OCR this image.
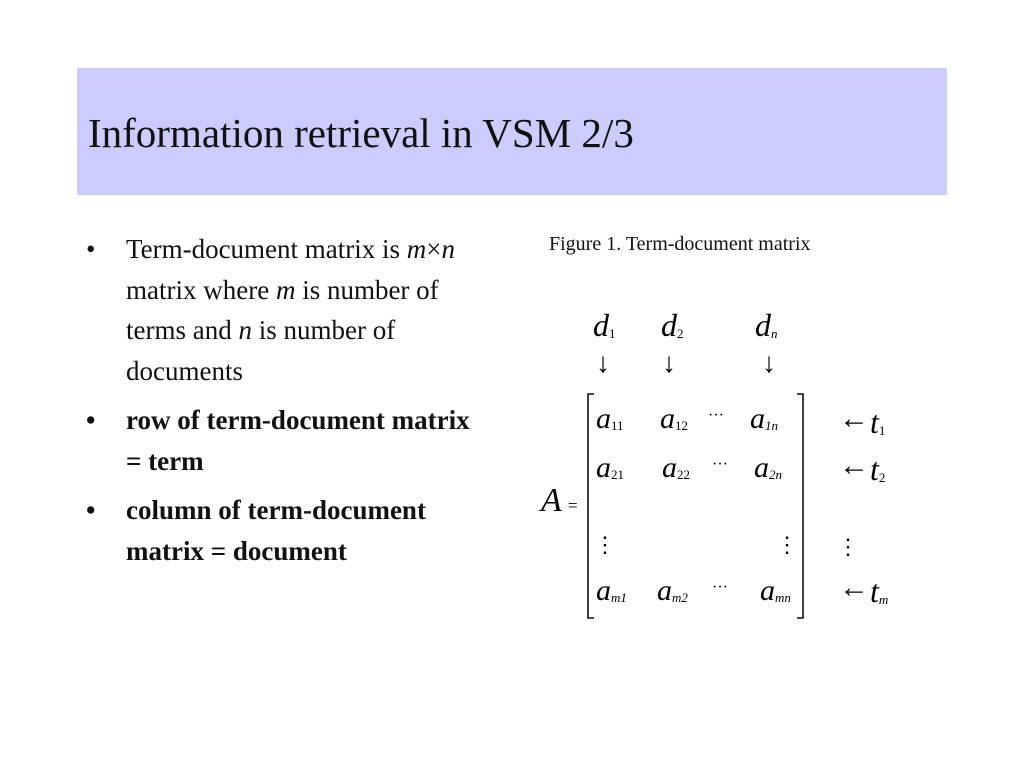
Information retrieval in VSM 2/3
• Term-document matrix is m×n matrix where m is number of terms and n is number of documents
• row of term-document matrix = term
• column of term-document matrix = document
Figure 1. Term-document matrix
d1 d2 dn
↓ ↓	↓
A =
a11 a12
··· a1n ← t1
a21 a22
··· a2n ← t2
⋮	⋮ ⋮
am1 am2
··· amn ← tm
